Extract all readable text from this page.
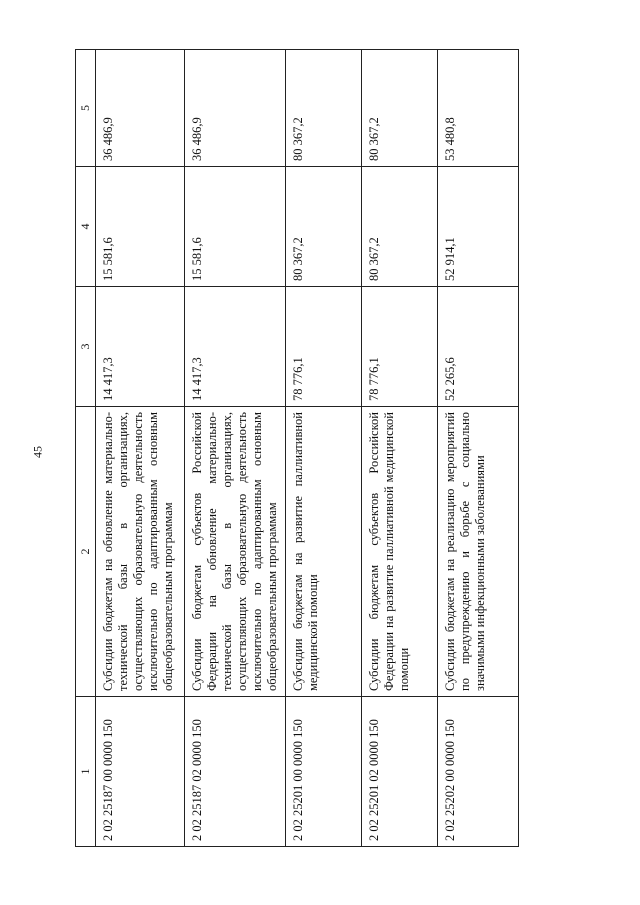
45
1	2	3	4	5
2 02 25187 00 0000 150	Субсидии бюджетам на обновление материально-технической базы в организациях, осуществляющих образовательную деятельность исключительно по адаптированным основным общеобразовательным программам	14 417,3	15 581,6	36 486,9
2 02 25187 02 0000 150	Субсидии бюджетам субъектов Российской Федерации на обновление материально-технической базы в организациях, осуществляющих образовательную деятельность исключительно по адаптированным основным общеобразовательным программам	14 417,3	15 581,6	36 486,9
2 02 25201 00 0000 150	Субсидии бюджетам на развитие паллиативной медицинской помощи	78 776,1	80 367,2	80 367,2
2 02 25201 02 0000 150	Субсидии бюджетам субъектов Российской Федерации на развитие паллиативной медицинской помощи	78 776,1	80 367,2	80 367,2
2 02 25202 00 0000 150	Субсидии бюджетам на реализацию мероприятий по предупреждению и борьбе с социально значимыми инфекционными заболеваниями	52 265,6	52 914,1	53 480,8
